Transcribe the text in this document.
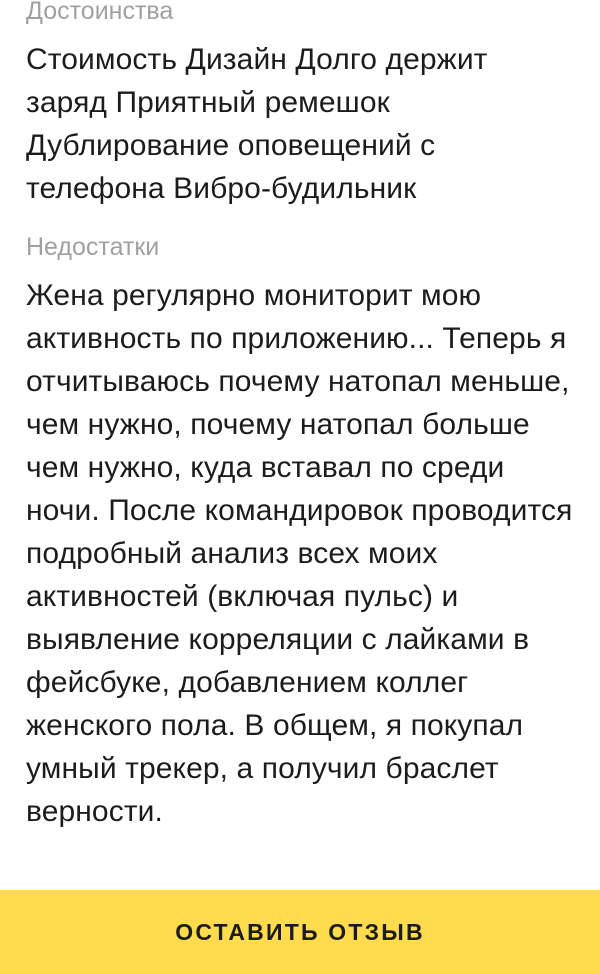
Достоинства
Стоимость Дизайн Долго держит заряд Приятный ремешок Дублирование оповещений с телефона Вибро-будильник
Недостатки
Жена регулярно мониторит мою активность по приложению... Теперь я отчитываюсь почему натопал меньше, чем нужно, почему натопал больше чем нужно, куда вставал по среди ночи. После командировок проводится подробный анализ всех моих активностей (включая пульс) и выявление корреляции с лайками в фейсбуке, добавлением коллег женского пола. В общем, я покупал умный трекер, а получил браслет верности.
ОСТАВИТЬ ОТЗЫВ
